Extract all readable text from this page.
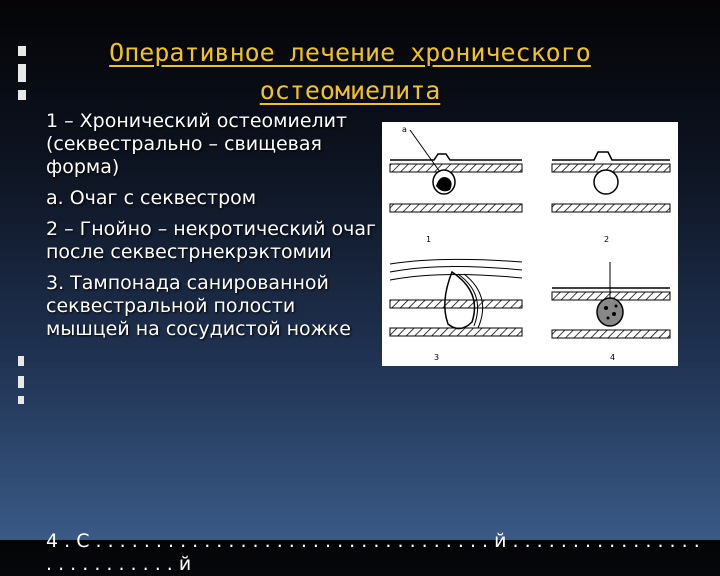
Оперативное лечение хронического остеомиелита

1 – Хронический остеомиелит (секвестрально – свищевая форма)

а. Очаг с секвестром

2 – Гнойно – некротический очаг после секвестрнекрэктомии

3. Тампонада санированной секвестральной полости мышцей на сосудистой ножке

4 . С . . . . . . . . . . . . . . . . . . . . . . . . . . . . . . . . . й . . . . . . . . . . . . . . . . . . . . . . . . . . . й
а
1	2
3	4
